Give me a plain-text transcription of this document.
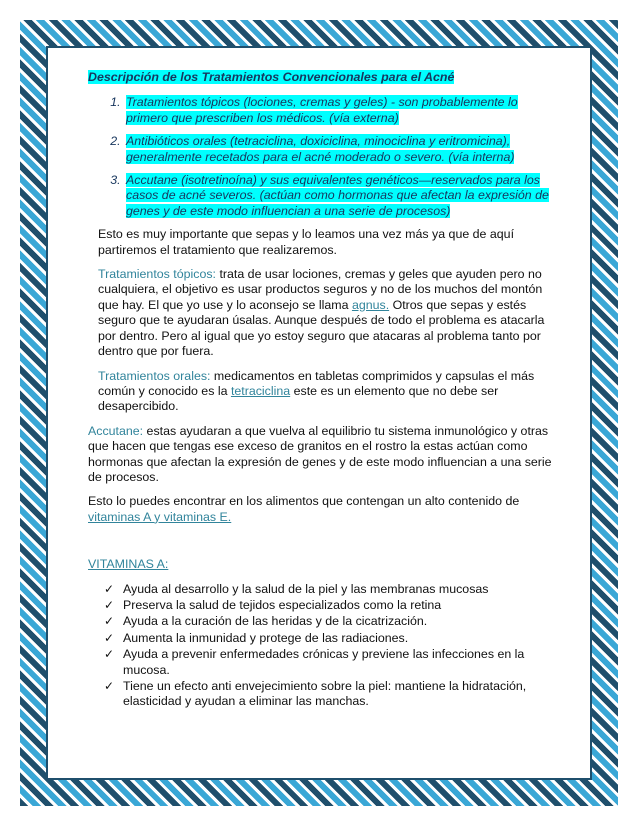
Descripción de los Tratamientos Convencionales para el Acné
1. Tratamientos tópicos (lociones, cremas y geles) - son probablemente lo primero que prescriben los médicos. (vía externa)
2. Antibióticos orales (tetraciclina, doxiciclina, minociclina y eritromicina), generalmente recetados para el acné moderado o severo. (vía interna)
3. Accutane (isotretinoína) y sus equivalentes genéticos—reservados para los casos de acné severos. (actúan como hormonas que afectan la expresión de genes y de este modo influencian a una serie de procesos)

Esto es muy importante que sepas y lo leamos una vez más ya que de aquí partiremos el tratamiento que realizaremos.

Tratamientos tópicos: trata de usar lociones, cremas y geles que ayuden pero no cualquiera, el objetivo es usar productos seguros y no de los muchos del montón que hay. El que yo use y lo aconsejo se llama agnus. Otros que sepas y estés seguro que te ayudaran úsalas. Aunque después de todo el problema es atacarla por dentro. Pero al igual que yo estoy seguro que atacaras al problema tanto por dentro que por fuera.

Tratamientos orales: medicamentos en tabletas comprimidos y capsulas el más común y conocido es la tetraciclina este es un elemento que no debe ser desapercibido.

Accutane: estas ayudaran a que vuelva al equilibrio tu sistema inmunológico y otras que hacen que tengas ese exceso de granitos en el rostro la estas actúan como hormonas que afectan la expresión de genes y de este modo influencian a una serie de procesos.

Esto lo puedes encontrar en los alimentos que contengan un alto contenido de vitaminas A y vitaminas E.

VITAMINAS A:
✓ Ayuda al desarrollo y la salud de la piel y las membranas mucosas
✓ Preserva la salud de tejidos especializados como la retina
✓ Ayuda a la curación de las heridas y de la cicatrización.
✓ Aumenta la inmunidad y protege de las radiaciones.
✓ Ayuda a prevenir enfermedades crónicas y previene las infecciones en la mucosa.
✓ Tiene un efecto anti envejecimiento sobre la piel: mantiene la hidratación, elasticidad y ayudan a eliminar las manchas.
